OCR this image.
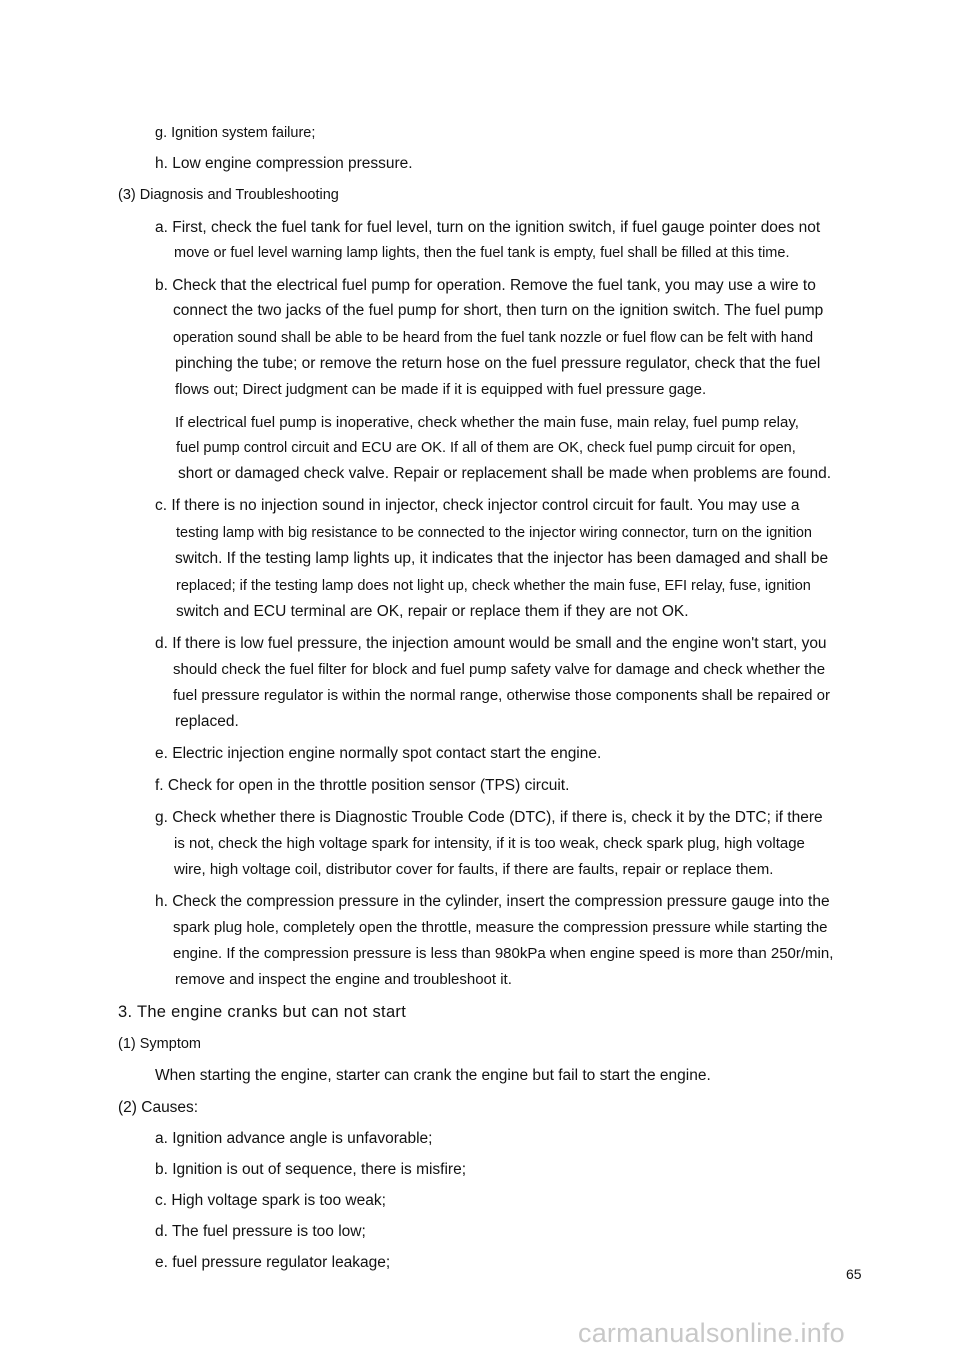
g. Ignition system failure;
h. Low engine compression pressure.
(3) Diagnosis and Troubleshooting
a. First, check the fuel tank for fuel level, turn on the ignition switch, if fuel gauge pointer does not
move or fuel level warning lamp lights, then the fuel tank is empty, fuel shall be filled at this time.
b. Check that the electrical fuel pump for operation. Remove the fuel tank, you may use a wire to
connect the two jacks of the fuel pump for short, then turn on the ignition switch. The fuel pump
operation sound shall be able to be heard from the fuel tank nozzle or fuel flow can be felt with hand
pinching the tube; or remove the return hose on the fuel pressure regulator, check that the fuel
flows out; Direct judgment can be made if it is equipped with fuel pressure gage.
If electrical fuel pump is inoperative, check whether the main fuse, main relay, fuel pump relay,
fuel pump control circuit and ECU are OK. If all of them are OK, check fuel pump circuit for open,
short or damaged check valve. Repair or replacement shall be made when problems are found.
c. If there is no injection sound in injector, check injector control circuit for fault. You may use a
testing lamp with big resistance to be connected to the injector wiring connector, turn on the ignition
switch. If the testing lamp lights up, it indicates that the injector has been damaged and shall be
replaced; if the testing lamp does not light up, check whether the main fuse, EFI relay, fuse, ignition
switch and ECU terminal are OK, repair or replace them if they are not OK.
d. If there is low fuel pressure, the injection amount would be small and the engine won't start, you
should check the fuel filter for block and fuel pump safety valve for damage and check whether the
fuel pressure regulator is within the normal range, otherwise those components shall be repaired or
replaced.
e. Electric injection engine normally spot contact start the engine.
f. Check for open in the throttle position sensor (TPS) circuit.
g. Check whether there is Diagnostic Trouble Code (DTC), if there is, check it by the DTC; if there
is not, check the high voltage spark for intensity, if it is too weak, check spark plug, high voltage
wire, high voltage coil, distributor cover for faults, if there are faults, repair or replace them.
h. Check the compression pressure in the cylinder, insert the compression pressure gauge into the
spark plug hole, completely open the throttle, measure the compression pressure while starting the
engine. If the compression pressure is less than 980kPa when engine speed is more than 250r/min,
remove and inspect the engine and troubleshoot it.
3. The engine cranks but can not start
(1) Symptom
When starting the engine, starter can crank the engine but fail to start the engine.
(2) Causes:
a. Ignition advance angle is unfavorable;
b. Ignition is out of sequence, there is misfire;
c. High voltage spark is too weak;
d. The fuel pressure is too low;
e. fuel pressure regulator leakage;
65
carmanualsonline.info
